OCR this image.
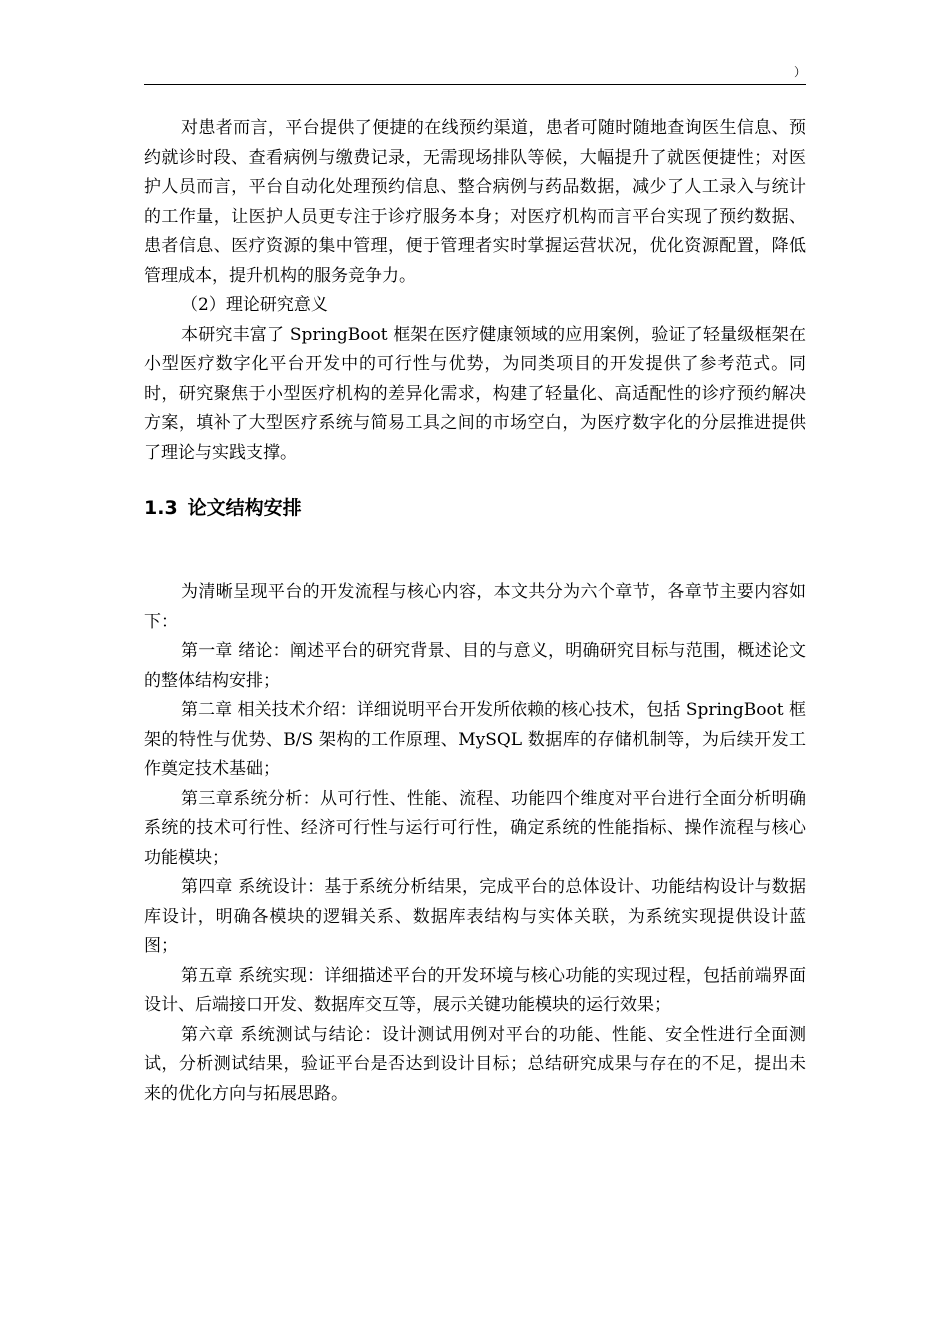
）

对患者而言，平台提供了便捷的在线预约渠道，患者可随时随地查询医生信息、预约就诊时段、查看病例与缴费记录，无需现场排队等候，大幅提升了就医便捷性；对医护人员而言，平台自动化处理预约信息、整合病例与药品数据，减少了人工录入与统计的工作量，让医护人员更专注于诊疗服务本身；对医疗机构而言平台实现了预约数据、患者信息、医疗资源的集中管理，便于管理者实时掌握运营状况，优化资源配置，降低管理成本，提升机构的服务竞争力。

（2）理论研究意义

本研究丰富了 SpringBoot 框架在医疗健康领域的应用案例，验证了轻量级框架在小型医疗数字化平台开发中的可行性与优势，为同类项目的开发提供了参考范式。同时，研究聚焦于小型医疗机构的差异化需求，构建了轻量化、高适配性的诊疗预约解决方案，填补了大型医疗系统与简易工具之间的市场空白，为医疗数字化的分层推进提供了理论与实践支撑。

1.3 论文结构安排

为清晰呈现平台的开发流程与核心内容，本文共分为六个章节，各章节主要内容如下：

第一章 绪论：阐述平台的研究背景、目的与意义，明确研究目标与范围，概述论文的整体结构安排；

第二章 相关技术介绍：详细说明平台开发所依赖的核心技术，包括 SpringBoot 框架的特性与优势、B/S 架构的工作原理、MySQL 数据库的存储机制等，为后续开发工作奠定技术基础；

第三章系统分析：从可行性、性能、流程、功能四个维度对平台进行全面分析明确系统的技术可行性、经济可行性与运行可行性，确定系统的性能指标、操作流程与核心功能模块；

第四章 系统设计：基于系统分析结果，完成平台的总体设计、功能结构设计与数据库设计，明确各模块的逻辑关系、数据库表结构与实体关联，为系统实现提供设计蓝图；

第五章 系统实现：详细描述平台的开发环境与核心功能的实现过程，包括前端界面设计、后端接口开发、数据库交互等，展示关键功能模块的运行效果；

第六章 系统测试与结论：设计测试用例对平台的功能、性能、安全性进行全面测试，分析测试结果，验证平台是否达到设计目标；总结研究成果与存在的不足，提出未来的优化方向与拓展思路。
